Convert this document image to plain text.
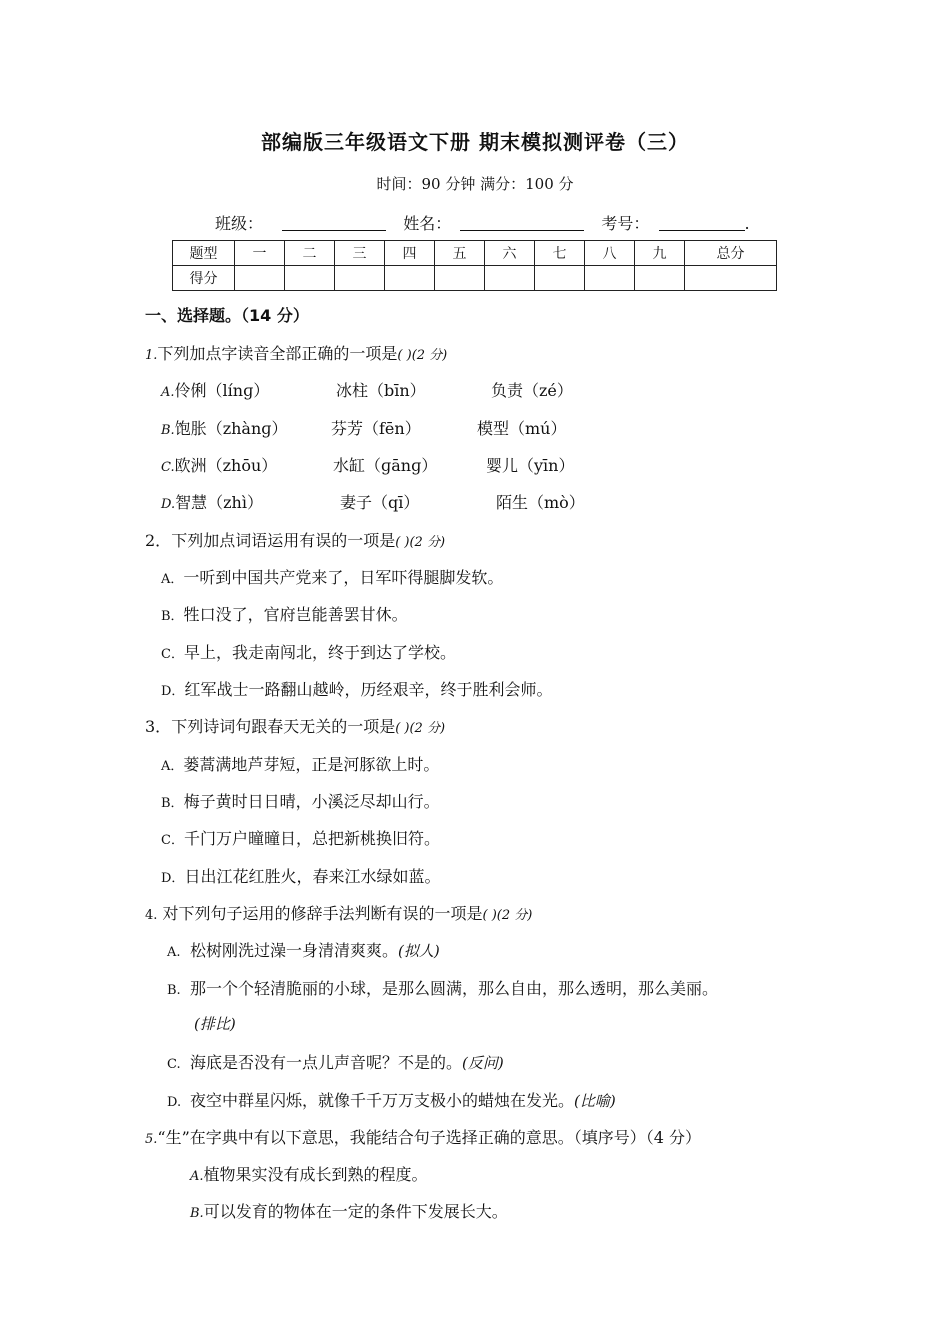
部编版三年级语文下册 期末模拟测评卷（三）
时间：90 分钟 满分：100 分
班级：	姓名：	考号：	.
题型	一	二	三	四	五	六	七	八	九	总分
得分										
一、选择题。（14 分）
1.下列加点字读音全部正确的一项是( )(2 分)
A.伶俐（línɡ）	冰柱（bīn）	负责（zé）
B.饱胀（zhànɡ）	芬芳（fēn）	模型（mú）
C.欧洲（zhōu）	水缸（ɡānɡ）	婴儿（yīn）
D.智慧（zhì）	妻子（qī）	陌生（mò）
2．下列加点词语运用有误的一项是( )(2 分)
A．一听到中国共产党来了，日军吓得腿脚发软。
B．牲口没了，官府岂能善罢甘休。
C．早上，我走南闯北，终于到达了学校。
D．红军战士一路翻山越岭，历经艰辛，终于胜利会师。
3．下列诗词句跟春天无关的一项是( )(2 分)
A．蒌蒿满地芦芽短，正是河豚欲上时。
B．梅子黄时日日晴，小溪泛尽却山行。
C．千门万户曈曈日，总把新桃换旧符。
D．日出江花红胜火，春来江水绿如蓝。
4. 对下列句子运用的修辞手法判断有误的一项是( )(2 分)
A. 松树刚洗过澡一身清清爽爽。(拟人)
B. 那一个个轻清脆丽的小球，是那么圆满，那么自由，那么透明，那么美丽。
(排比)
C. 海底是否没有一点儿声音呢？不是的。(反问)
D. 夜空中群星闪烁，就像千千万万支极小的蜡烛在发光。(比喻)
5.“生”在字典中有以下意思，我能结合句子选择正确的意思。（填序号）（4 分）
A.植物果实没有成长到熟的程度。
B.可以发育的物体在一定的条件下发展长大。
